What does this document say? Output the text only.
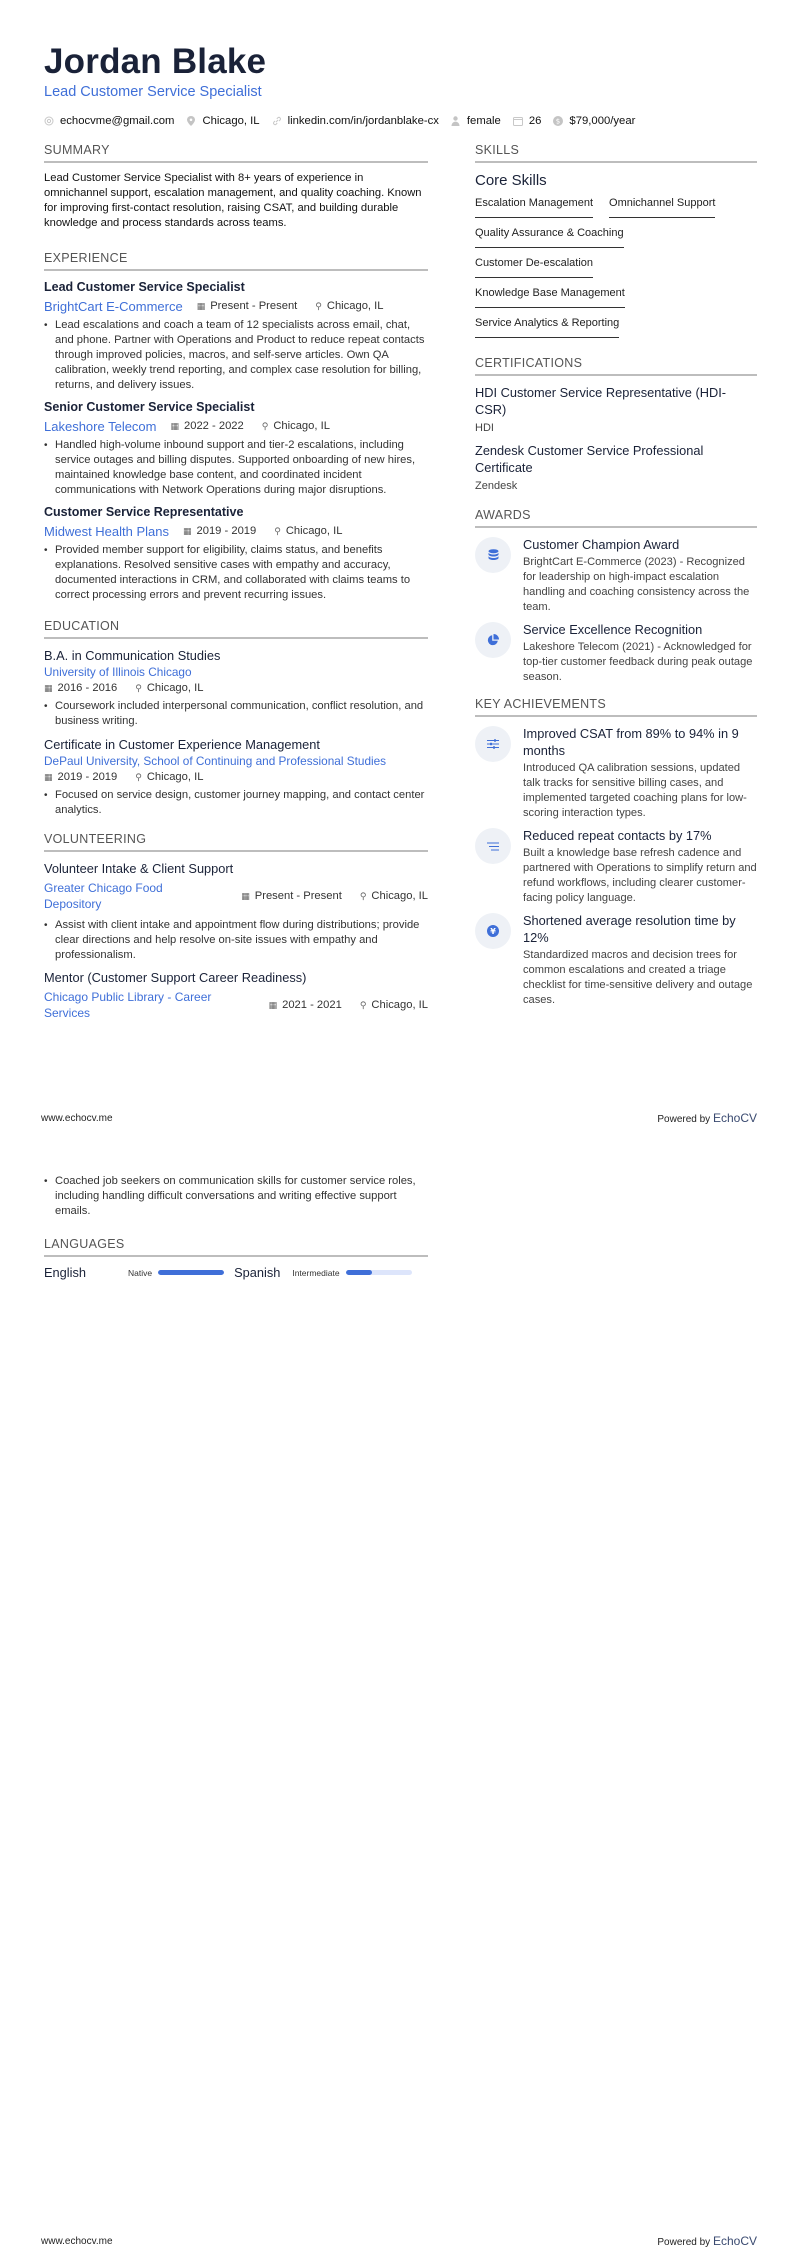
Jordan Blake
Lead Customer Service Specialist
echocvme@gmail.com Chicago, IL linkedin.com/in/jordanblake-cx female 26 $ $79,000/year
SUMMARY
Lead Customer Service Specialist with 8+ years of experience in omnichannel support, escalation management, and quality coaching. Known for improving first-contact resolution, raising CSAT, and building durable knowledge and process standards across teams.
EXPERIENCE
Lead Customer Service Specialist
BrightCart E-Commerce ▦ Present - Present ⚲ Chicago, IL
• Lead escalations and coach a team of 12 specialists across email, chat, and phone. Partner with Operations and Product to reduce repeat contacts through improved policies, macros, and self-serve articles. Own QA calibration, weekly trend reporting, and complex case resolution for billing, returns, and delivery issues.
Senior Customer Service Specialist
Lakeshore Telecom ▦ 2022 - 2022 ⚲ Chicago, IL
• Handled high-volume inbound support and tier-2 escalations, including service outages and billing disputes. Supported onboarding of new hires, maintained knowledge base content, and coordinated incident communications with Network Operations during major disruptions.
Customer Service Representative
Midwest Health Plans ▦ 2019 - 2019 ⚲ Chicago, IL
• Provided member support for eligibility, claims status, and benefits explanations. Resolved sensitive cases with empathy and accuracy, documented interactions in CRM, and collaborated with claims teams to correct processing errors and prevent recurring issues.
EDUCATION
B.A. in Communication Studies
University of Illinois Chicago
▦ 2016 - 2016 ⚲ Chicago, IL
• Coursework included interpersonal communication, conflict resolution, and business writing.
Certificate in Customer Experience Management
DePaul University, School of Continuing and Professional Studies
▦ 2019 - 2019 ⚲ Chicago, IL
• Focused on service design, customer journey mapping, and contact center analytics.
VOLUNTEERING
Volunteer Intake & Client Support
Greater Chicago Food Depository
▦ Present - Present ⚲ Chicago, IL
• Assist with client intake and appointment flow during distributions; provide clear directions and help resolve on-site issues with empathy and professionalism.
Mentor (Customer Support Career Readiness)
Chicago Public Library - Career Services
▦ 2021 - 2021 ⚲ Chicago, IL
SKILLS
Core Skills
Escalation Management Omnichannel Support
Quality Assurance & Coaching
Customer De-escalation
Knowledge Base Management
Service Analytics & Reporting
CERTIFICATIONS
HDI Customer Service Representative (HDI-CSR)
HDI
Zendesk Customer Service Professional Certificate
Zendesk
AWARDS
Customer Champion Award
BrightCart E-Commerce (2023) - Recognized for leadership on high-impact escalation handling and coaching consistency across the team.
Service Excellence Recognition
Lakeshore Telecom (2021) - Acknowledged for top-tier customer feedback during peak outage season.
KEY ACHIEVEMENTS
Improved CSAT from 89% to 94% in 9 months
Introduced QA calibration sessions, updated talk tracks for sensitive billing cases, and implemented targeted coaching plans for low-scoring interaction types.
Reduced repeat contacts by 17%
Built a knowledge base refresh cadence and partnered with Operations to simplify return and refund workflows, including clearer customer-facing policy language.
¥
Shortened average resolution time by 12%
Standardized macros and decision trees for common escalations and created a triage checklist for time-sensitive delivery and outage cases.
www.echocv.me	Powered by EchoCV
• Coached job seekers on communication skills for customer service roles, including handling difficult conversations and writing effective support emails.
LANGUAGES
English	Native	Spanish Intermediate
www.echocv.me	Powered by EchoCV
